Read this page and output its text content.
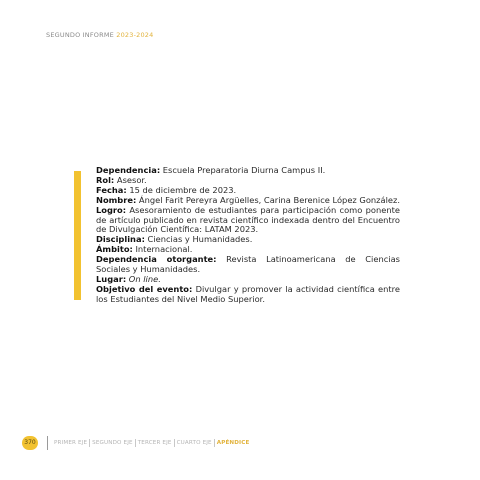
SEGUNDO INFORME 2023-2024

Dependencia: Escuela Preparatoria Diurna Campus II.

Rol: Asesor.

Fecha: 15 de diciembre de 2023.

Nombre: Ángel Farit Pereyra Argüelles, Carina Berenice López González.

Logro: Asesoramiento de estudiantes para participación como ponente de artículo publicado en revista científico indexada dentro del Encuentro de Divulgación Científica: LATAM 2023.

Disciplina: Ciencias y Humanidades.

Ámbito: Internacional.

Dependencia otorgante: Revista Latinoamericana de Ciencias Sociales y Humanidades.

Lugar: On line.

Objetivo del evento: Divulgar y promover la actividad científica entre los Estudiantes del Nivel Medio Superior.

370	PRIMER EJE SEGUNDO EJE TERCER EJE CUARTO EJE APÉNDICE
